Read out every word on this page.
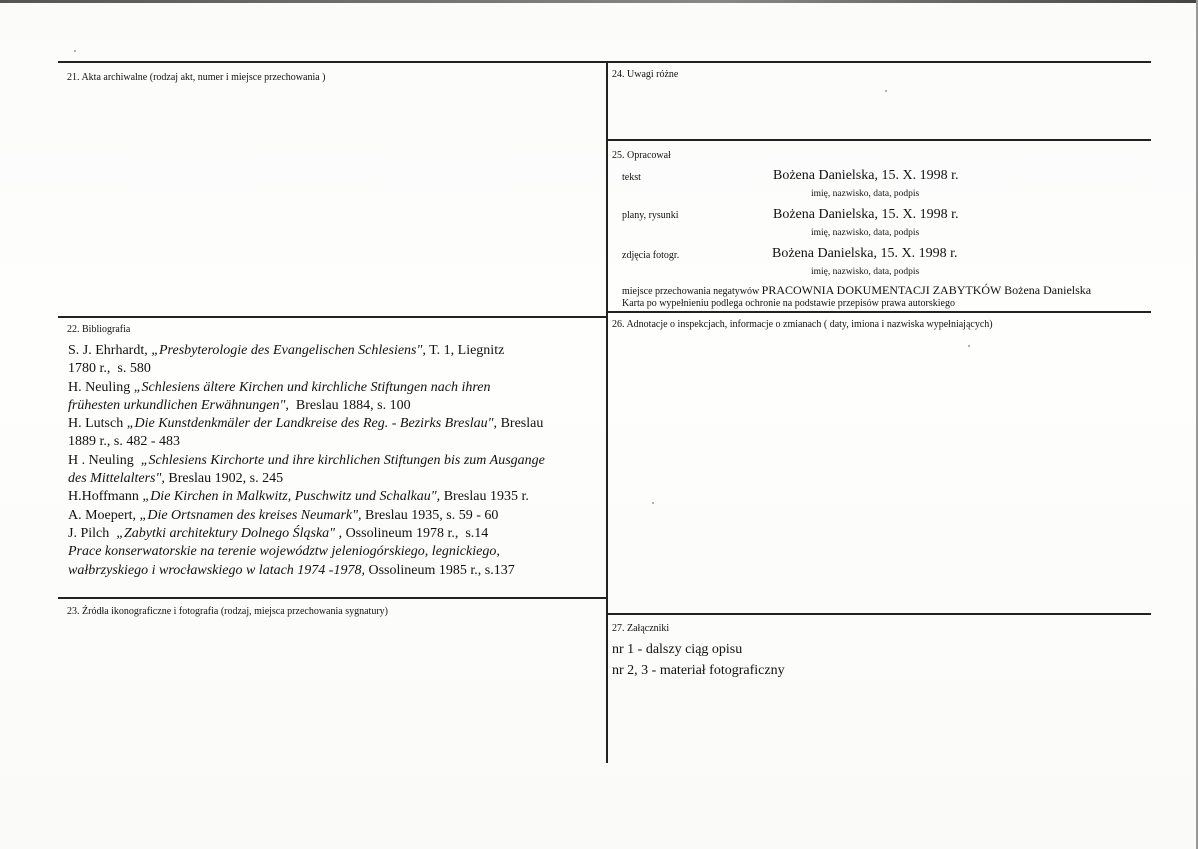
21. Akta archiwalne (rodzaj akt, numer i miejsce przechowania )
22. Bibliografia
S. J. Ehrhardt, „Presbyterologie des Evangelischen Schlesiens", T. 1, Liegnitz
1780 r.,  s. 580
H. Neuling „Schlesiens ältere Kirchen und kirchliche Stiftungen nach ihren
frühesten urkundlichen Erwähnungen",  Breslau 1884, s. 100
H. Lutsch „Die Kunstdenkmäler der Landkreise des Reg. - Bezirks Breslau", Breslau
1889 r., s. 482 - 483
H . Neuling  „Schlesiens Kirchorte und ihre kirchlichen Stiftungen bis zum Ausgange
des Mittelalters", Breslau 1902, s. 245
H.Hoffmann „Die Kirchen in Malkwitz, Puschwitz und Schalkau", Breslau 1935 r.
A. Moepert, „Die Ortsnamen des kreises Neumark", Breslau 1935, s. 59 - 60
J. Pilch  „Zabytki architektury Dolnego Śląska" , Ossolineum 1978 r.,  s.14
Prace konserwatorskie na terenie województw jeleniogórskiego, legnickiego,
wałbrzyskiego i wrocławskiego w latach 1974 -1978, Ossolineum 1985 r., s.137
23. Źródła ikonograficzne i fotografia (rodzaj, miejsca przechowania sygnatury)
24. Uwagi różne
25. Opracował
tekst	Bożena Danielska, 15. X. 1998 r.
imię, nazwisko, data, podpis
plany, rysunki	Bożena Danielska, 15. X. 1998 r.
imię, nazwisko, data, podpis
zdjęcia fotogr.	Bożena Danielska, 15. X. 1998 r.
imię, nazwisko, data, podpis
miejsce przechowania negatywów PRACOWNIA DOKUMENTACJI ZABYTKÓW Bożena Danielska
Karta po wypełnieniu podlega ochronie na podstawie przepisów prawa autorskiego
26. Adnotacje o inspekcjach, informacje o zmianach ( daty, imiona i nazwiska wypełniających)
27. Załączniki
nr 1 - dalszy ciąg opisu
nr 2, 3 - materiał fotograficzny
